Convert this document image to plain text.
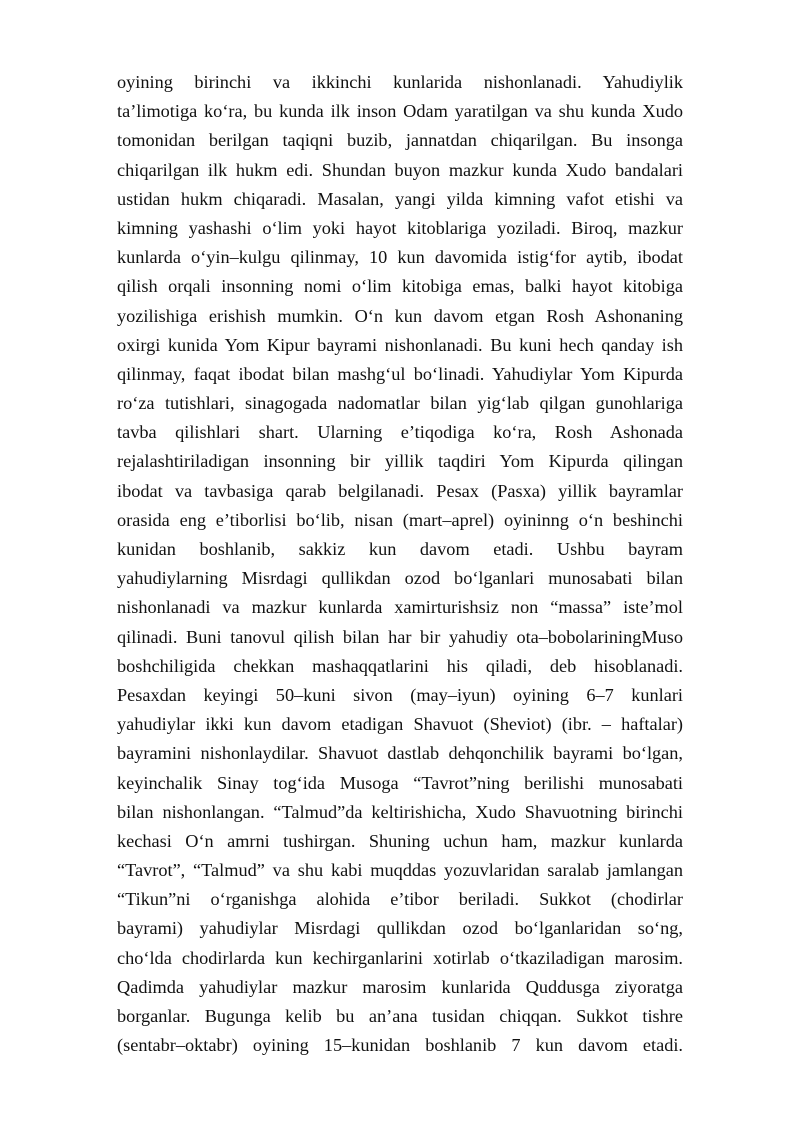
oyining birinchi va ikkinchi kunlarida nishonlanadi. Yahudiylik
ta’limotiga ko‘ra, bu kunda ilk inson Odam yaratilgan va shu kunda Xudo
tomonidan berilgan taqiqni buzib, jannatdan chiqarilgan. Bu insonga
chiqarilgan ilk hukm edi. Shundan buyon mazkur kunda Xudo bandalari
ustidan hukm chiqaradi. Masalan, yangi yilda kimning vafot etishi va
kimning yashashi o‘lim yoki hayot kitoblariga yoziladi. Biroq, mazkur
kunlarda o‘yin–kulgu qilinmay, 10 kun davomida istig‘for aytib, ibodat
qilish orqali insonning nomi o‘lim kitobiga emas, balki hayot kitobiga
yozilishiga erishish mumkin. O‘n kun davom etgan Rosh Ashonaning
oxirgi kunida Yom Kipur bayrami nishonlanadi. Bu kuni hech qanday ish
qilinmay, faqat ibodat bilan mashg‘ul bo‘linadi. Yahudiylar Yom Kipurda
ro‘za tutishlari, sinagogada nadomatlar bilan yig‘lab qilgan gunohlariga
tavba qilishlari shart. Ularning e’tiqodiga ko‘ra, Rosh Ashonada
rejalashtiriladigan insonning bir yillik taqdiri Yom Kipurda qilingan
ibodat va tavbasiga qarab belgilanadi. Pesax (Pasxa) yillik bayramlar
orasida eng e’tiborlisi bo‘lib, nisan (mart–aprel) oyininng o‘n beshinchi
kunidan boshlanib, sakkiz kun davom etadi. Ushbu bayram
yahudiylarning Misrdagi qullikdan ozod bo‘lganlari munosabati bilan
nishonlanadi va mazkur kunlarda xamirturishsiz non “massa” iste’mol
qilinadi. Buni tanovul qilish bilan har bir yahudiy ota–bobolariningMuso
boshchiligida chekkan mashaqqatlarini his qiladi, deb hisoblanadi.
Pesaxdan keyingi 50–kuni sivon (may–iyun) oyining 6–7 kunlari
yahudiylar ikki kun davom etadigan Shavuot (Sheviot) (ibr. – haftalar)
bayramini nishonlaydilar. Shavuot dastlab dehqonchilik bayrami bo‘lgan,
keyinchalik Sinay tog‘ida Musoga “Tavrot”ning berilishi munosabati
bilan nishonlangan. “Talmud”da keltirishicha, Xudo Shavuotning birinchi
kechasi O‘n amrni tushirgan. Shuning uchun ham, mazkur kunlarda
“Tavrot”, “Talmud” va shu kabi muqddas yozuvlaridan saralab jamlangan
“Tikun”ni o‘rganishga alohida e’tibor beriladi. Sukkot (chodirlar
bayrami) yahudiylar Misrdagi qullikdan ozod bo‘lganlaridan so‘ng,
cho‘lda chodirlarda kun kechirganlarini xotirlab o‘tkaziladigan marosim.
Qadimda yahudiylar mazkur marosim kunlarida Quddusga ziyoratga
borganlar. Bugunga kelib bu an’ana tusidan chiqqan. Sukkot tishre
(sentabr–oktabr) oyining 15–kunidan boshlanib 7 kun davom etadi.
